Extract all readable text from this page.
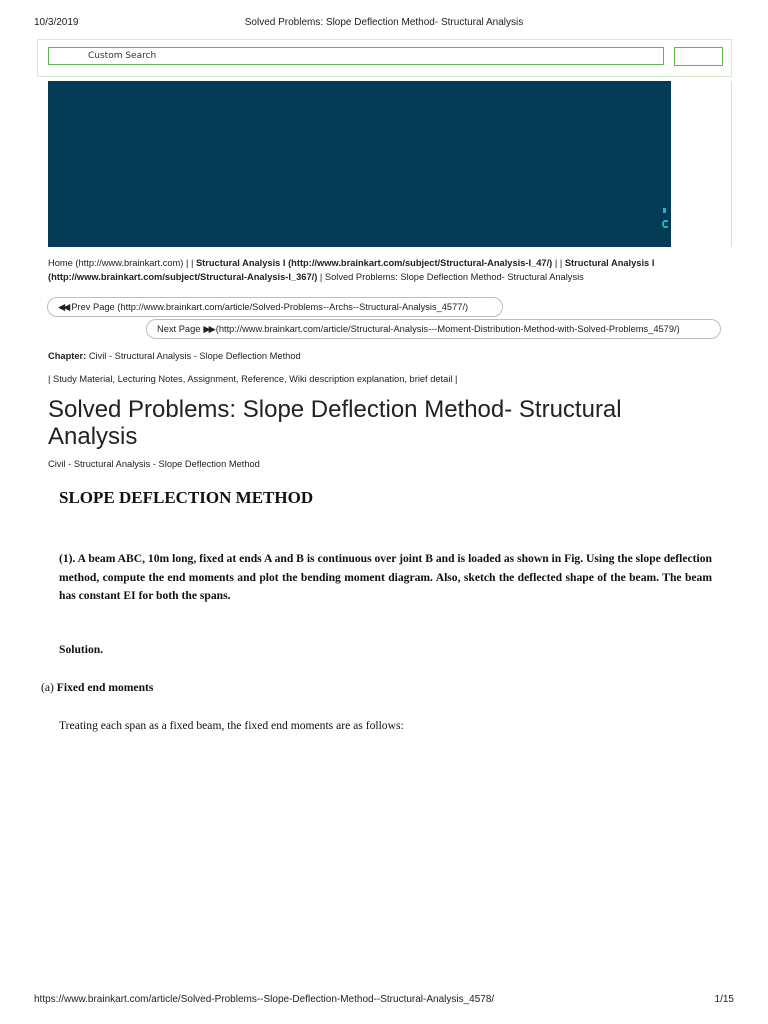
10/3/2019	Solved Problems: Slope Deflection Method- Structural Analysis
Custom Search
Home (http://www.brainkart.com) | | Structural Analysis I (http://www.brainkart.com/subject/Structural-Analysis-I_47/) | | Structural Analysis I (http://www.brainkart.com/subject/Structural-Analysis-I_367/) | Solved Problems: Slope Deflection Method- Structural Analysis
◀◀ Prev Page (http://www.brainkart.com/article/Solved-Problems--Archs--Structural-Analysis_4577/)
Next Page ▶▶ (http://www.brainkart.com/article/Structural-Analysis---Moment-Distribution-Method-with-Solved-Problems_4579/)
Chapter: Civil - Structural Analysis - Slope Deflection Method
| Study Material, Lecturing Notes, Assignment, Reference, Wiki description explanation, brief detail |
Solved Problems: Slope Deflection Method- Structural Analysis
Civil - Structural Analysis - Slope Deflection Method
SLOPE DEFLECTION METHOD
(1). A beam ABC, 10m long, fixed at ends A and B is continuous over joint B and is loaded as shown in Fig. Using the slope deflection method, compute the end moments and plot the bending moment diagram. Also, sketch the deflected shape of the beam. The beam has constant EI for both the spans.
Solution.
(a) Fixed end moments
Treating each span as a fixed beam, the fixed end moments are as follows:
https://www.brainkart.com/article/Solved-Problems--Slope-Deflection-Method--Structural-Analysis_4578/	1/15
